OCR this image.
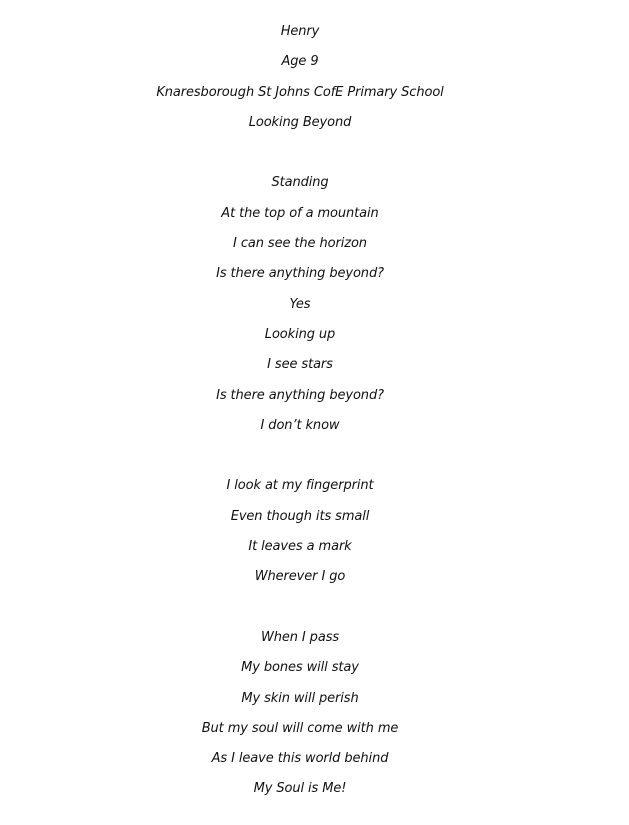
Henry
Age 9
Knaresborough St Johns CofE Primary School
Looking Beyond
Standing
At the top of a mountain
I can see the horizon
Is there anything beyond?
Yes
Looking up
I see stars
Is there anything beyond?
I don’t know
I look at my fingerprint
Even though its small
It leaves a mark
Wherever I go
When I pass
My bones will stay
My skin will perish
But my soul will come with me
As I leave this world behind
My Soul is Me!
